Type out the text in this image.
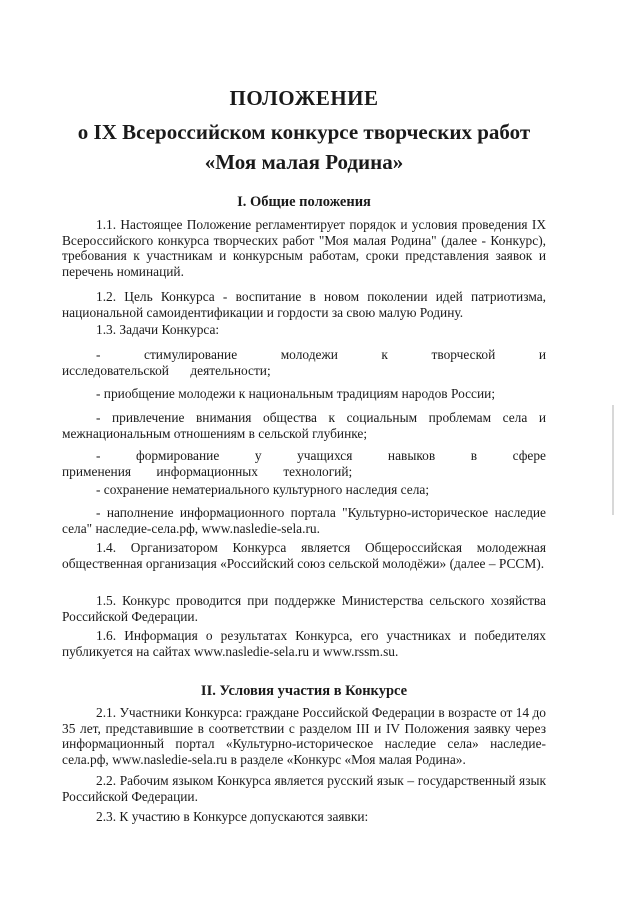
ПОЛОЖЕНИЕ
о IX Всероссийском конкурсе творческих работ
«Моя малая Родина»
I. Общие положения

1.1. Настоящее Положение регламентирует порядок и условия проведения IX Всероссийского конкурса творческих работ "Моя малая Родина" (далее - Конкурс), требования к участникам и конкурсным работам, сроки представления заявок и перечень номинаций.

1.2. Цель Конкурса - воспитание в новом поколении идей патриотизма, национальной самоидентификации и гордости за свою малую Родину.

1.3. Задачи Конкурса:

- стимулирование молодежи к творческой и исследовательской деятельности;

- приобщение молодежи к национальным традициям народов России;

- привлечение внимания общества к социальным проблемам села и межнациональным отношениям в сельской глубинке;

- формирование у учащихся навыков в сфере применения информационных технологий;

- сохранение нематериального культурного наследия села;

- наполнение информационного портала "Культурно-историческое наследие села" наследие-села.рф, www.nasledie-sela.ru.

1.4. Организатором Конкурса является Общероссийская молодежная общественная организация «Российский союз сельской молодёжи» (далее – РССМ).

1.5. Конкурс проводится при поддержке Министерства сельского хозяйства Российской Федерации.

1.6. Информация о результатах Конкурса, его участниках и победителях публикуется на сайтах www.nasledie-sela.ru и www.rssm.su.

II. Условия участия в Конкурсе

2.1. Участники Конкурса: граждане Российской Федерации в возрасте от 14 до 35 лет, представившие в соответствии с разделом III и IV Положения заявку через информационный портал «Культурно-историческое наследие села» наследие-села.рф, www.nasledie-sela.ru в разделе «Конкурс «Моя малая Родина».

2.2. Рабочим языком Конкурса является русский язык – государственный язык Российской Федерации.

2.3. К участию в Конкурсе допускаются заявки:
